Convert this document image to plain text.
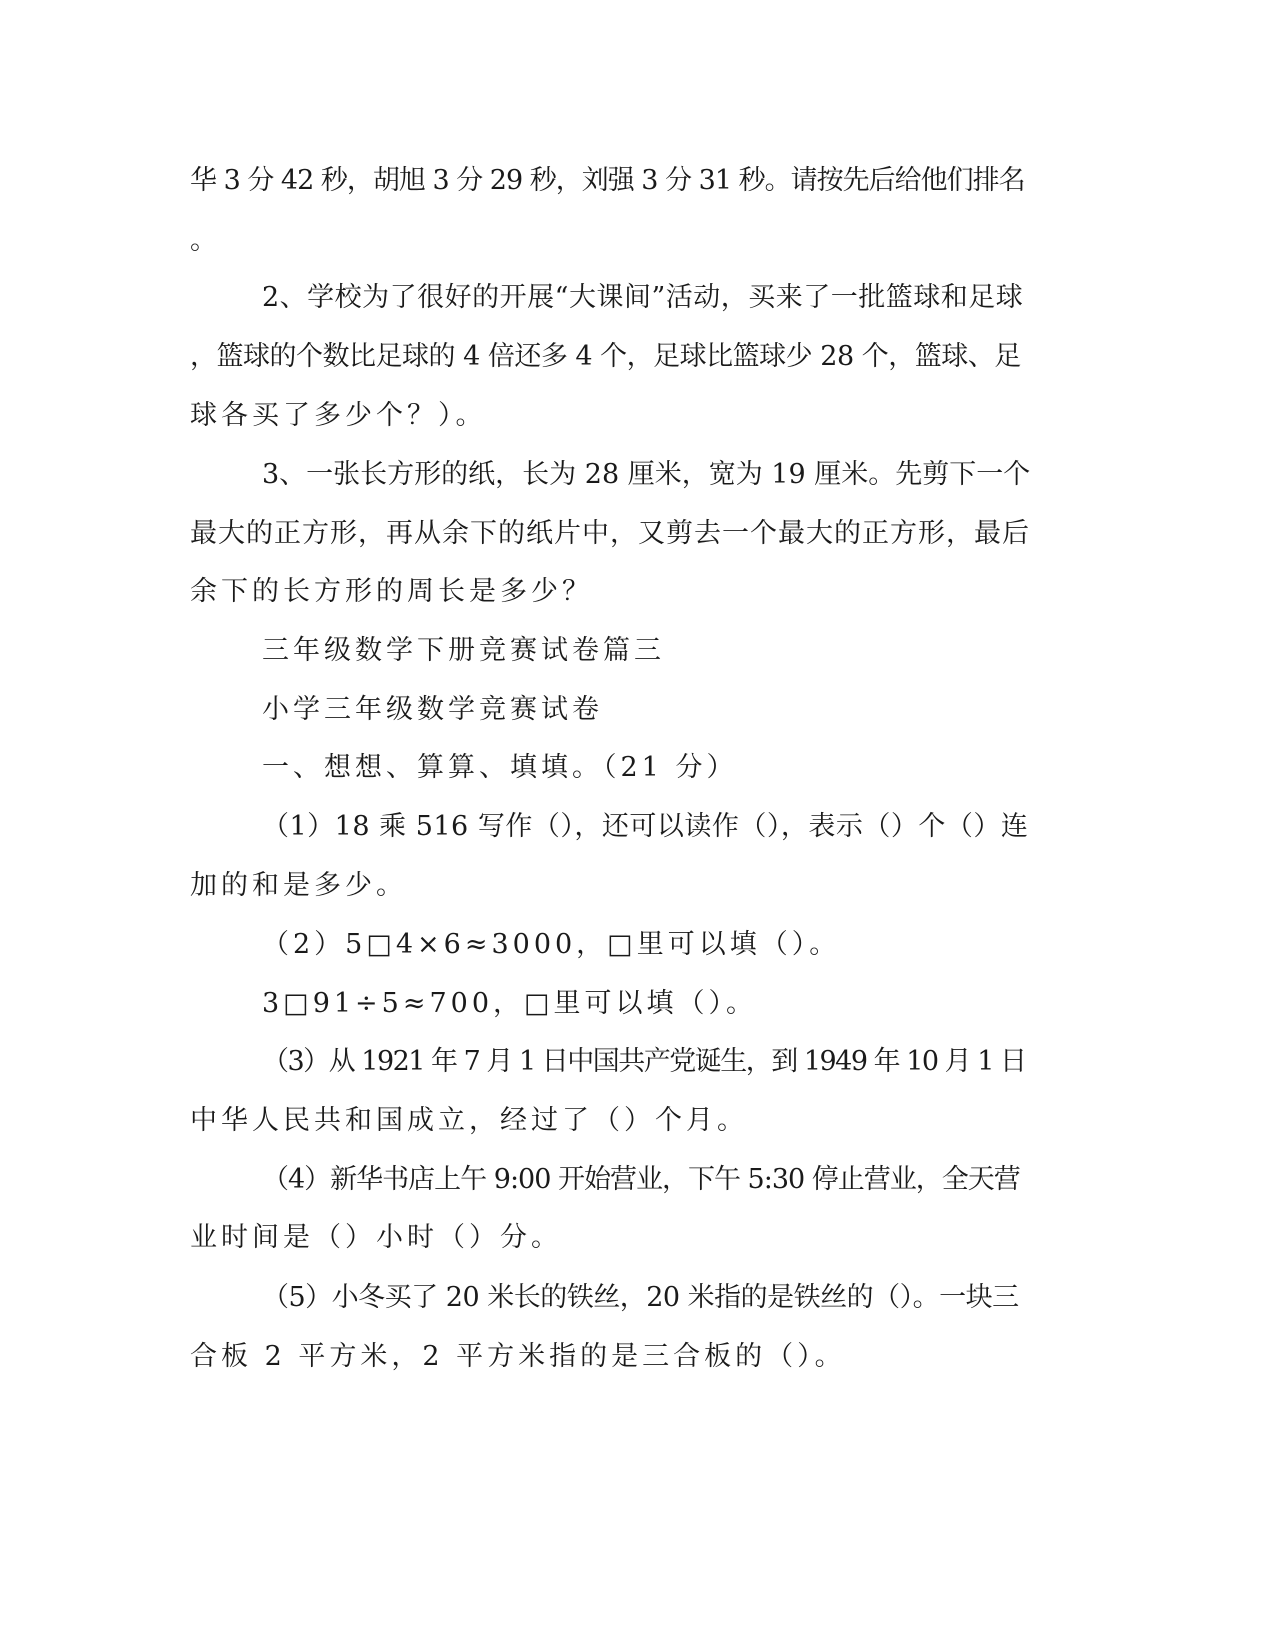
华 3 分 42 秒，胡旭 3 分 29 秒，刘强 3 分 31 秒。请按先后给他们排名
。
2、学校为了很好的开展“大课间”活动，买来了一批篮球和足球
，篮球的个数比足球的 4 倍还多 4 个，足球比篮球少 28 个，篮球、足
球各买了多少个？）。
3、一张长方形的纸，长为 28 厘米，宽为 19 厘米。先剪下一个
最大的正方形，再从余下的纸片中，又剪去一个最大的正方形，最后
余下的长方形的周长是多少？
三年级数学下册竞赛试卷篇三
小学三年级数学竞赛试卷
一、想想、算算、填填。（21 分）
（1）18 乘 516 写作（），还可以读作（），表示（）个（）连
加的和是多少。
（2）5□4×6≈3000，□里可以填（）。
3□91÷5≈700，□里可以填（）。
（3）从 1921 年 7 月 1 日中国共产党诞生，到 1949 年 10 月 1 日
中华人民共和国成立，经过了（）个月。
（4）新华书店上午 9:00 开始营业，下午 5:30 停止营业，全天营
业时间是（）小时（）分。
（5）小冬买了 20 米长的铁丝，20 米指的是铁丝的（）。一块三
合板 2 平方米，2 平方米指的是三合板的（）。
